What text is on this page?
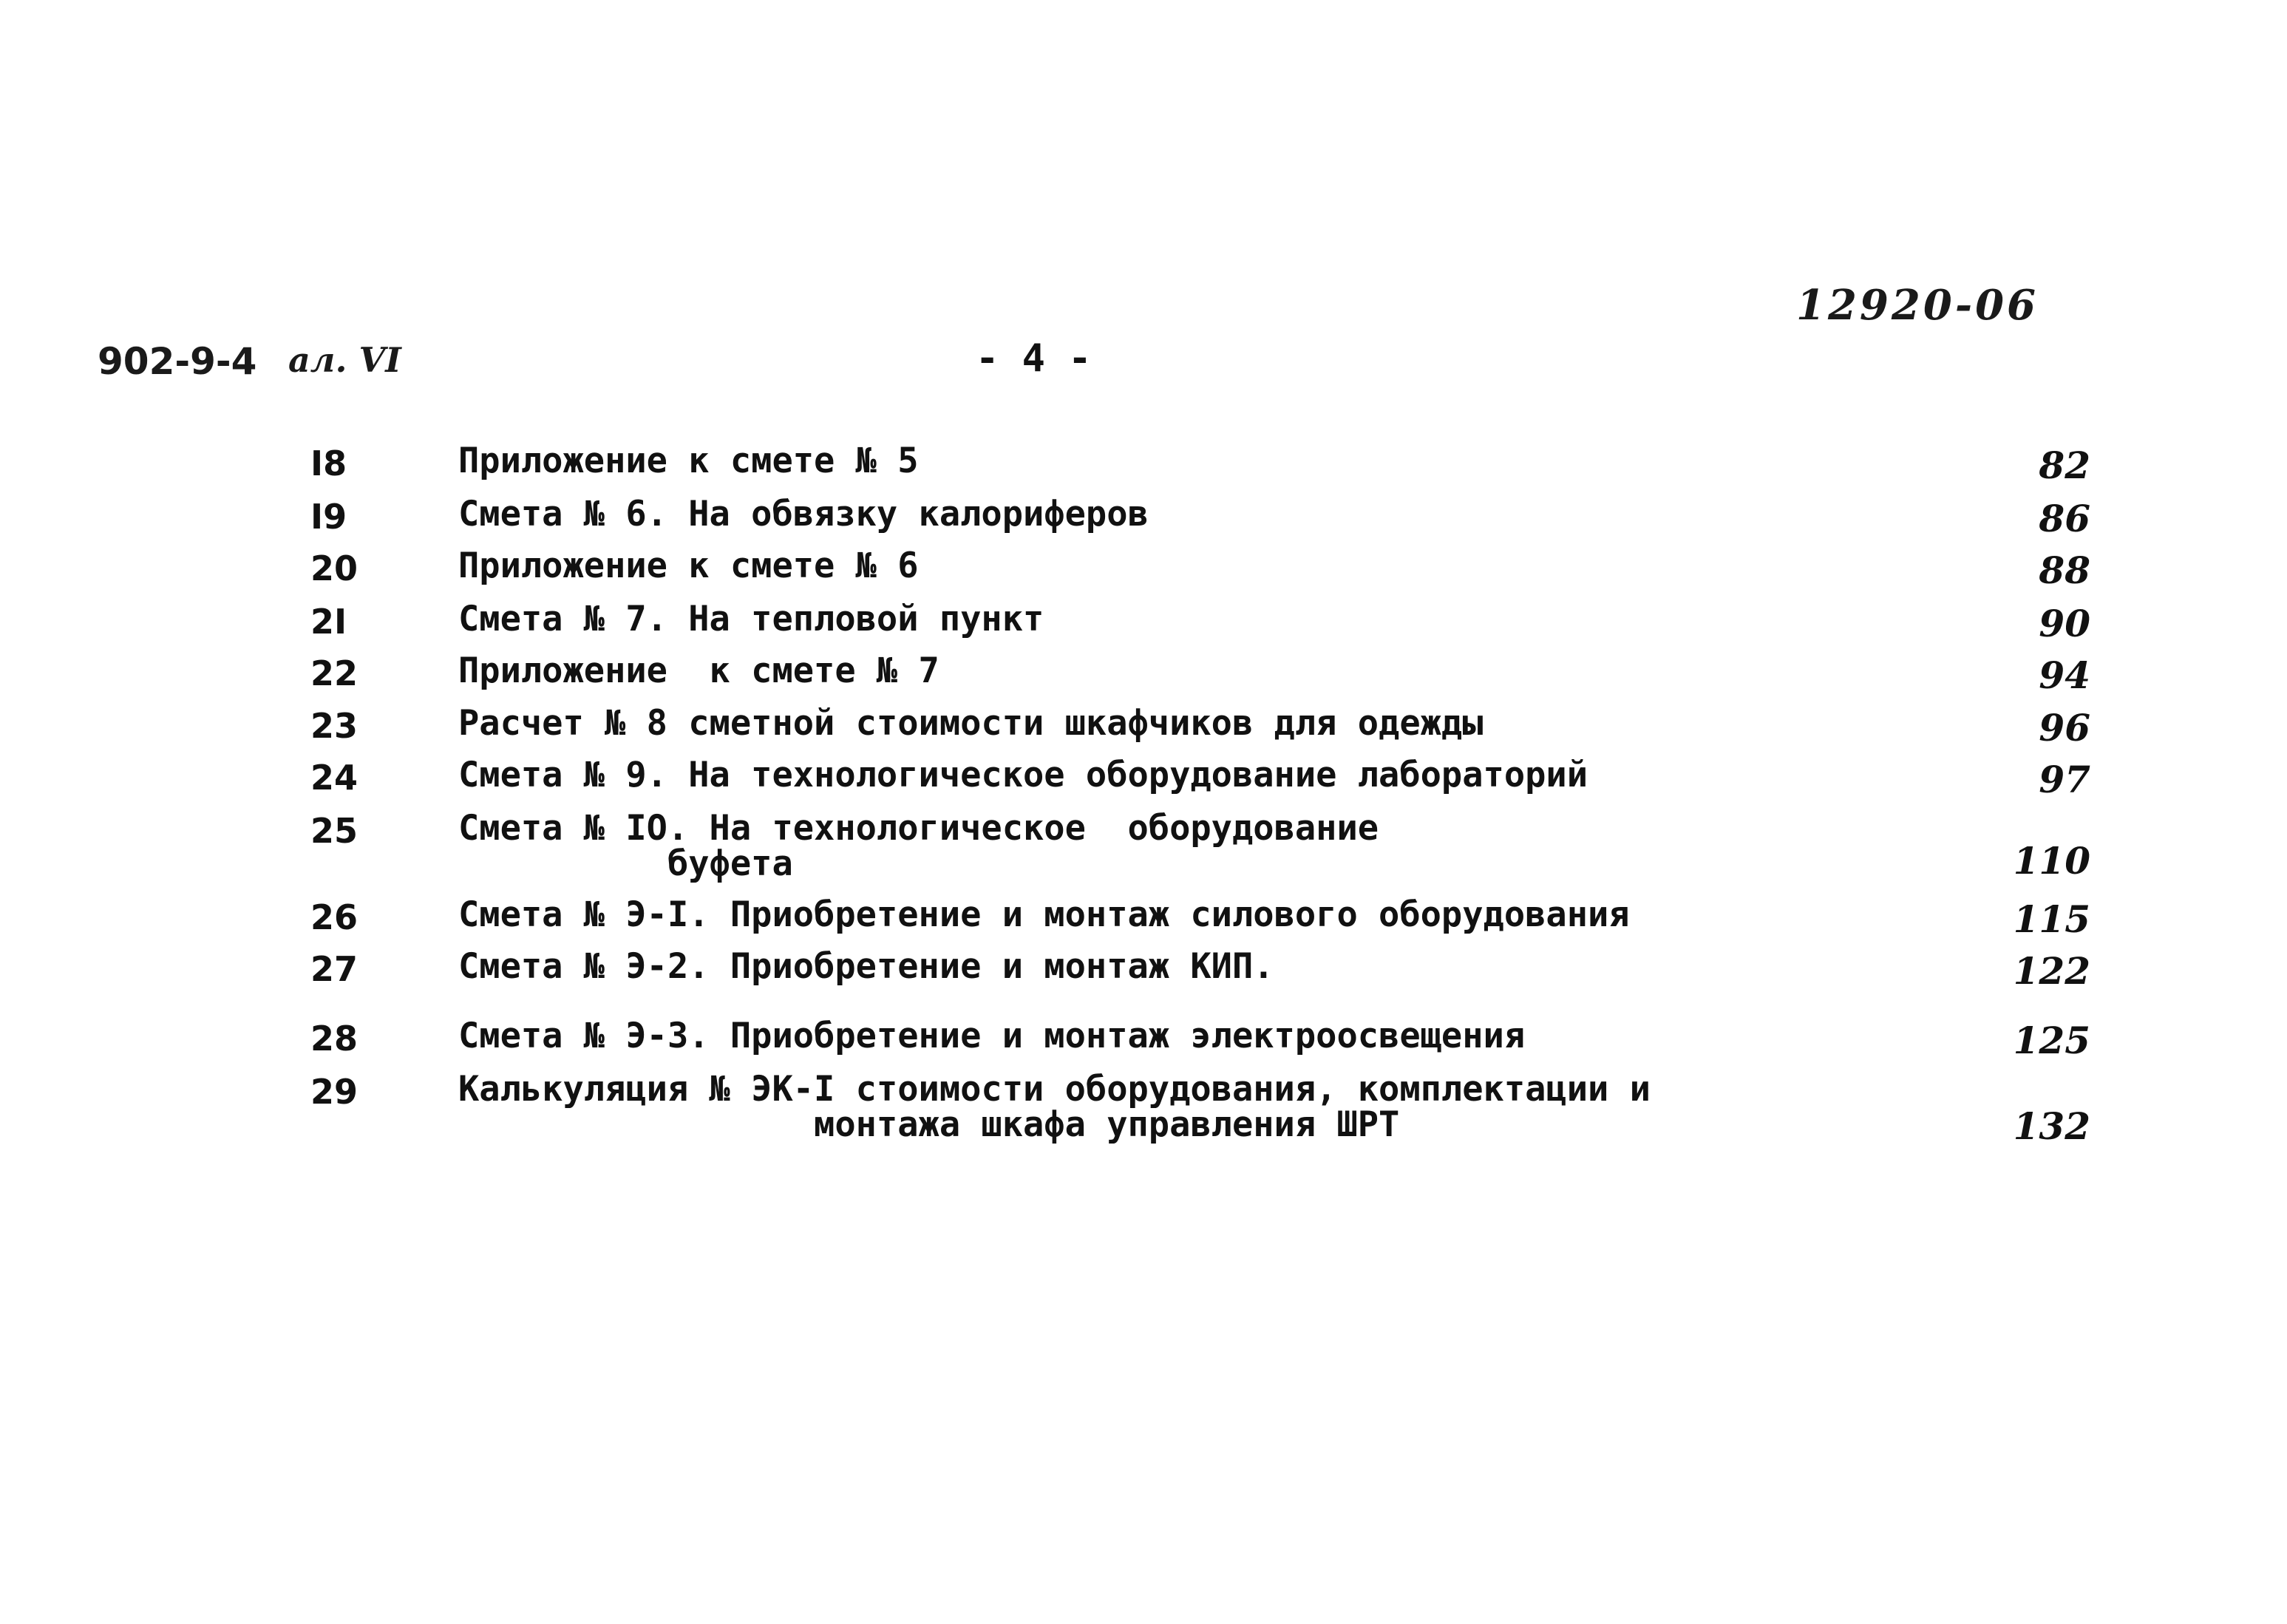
12920-06
902-9-4 ал. VI	- 4 -
I8	Приложение к смете № 5	82
I9	Смета № 6. На обвязку калориферов	86
20	Приложение к смете № 6	88
2I	Смета № 7. На тепловой пункт	90
22	Приложение  к смете № 7	94
23	Расчет № 8 сметной стоимости шкафчиков для одежды	96
24	Смета № 9. На технологическое оборудование лабораторий	97
25	Смета № IO. На технологическое  оборудование
буфета	110
26	Смета № Э-I. Приобретение и монтаж силового оборудования	115
27	Смета № Э-2. Приобретение и монтаж КИП.	122
28	Смета № Э-3. Приобретение и монтаж электроосвещения	125
29	Калькуляция № ЭК-I стоимости оборудования, комплектации и
монтажа шкафа управления ШРТ	132
